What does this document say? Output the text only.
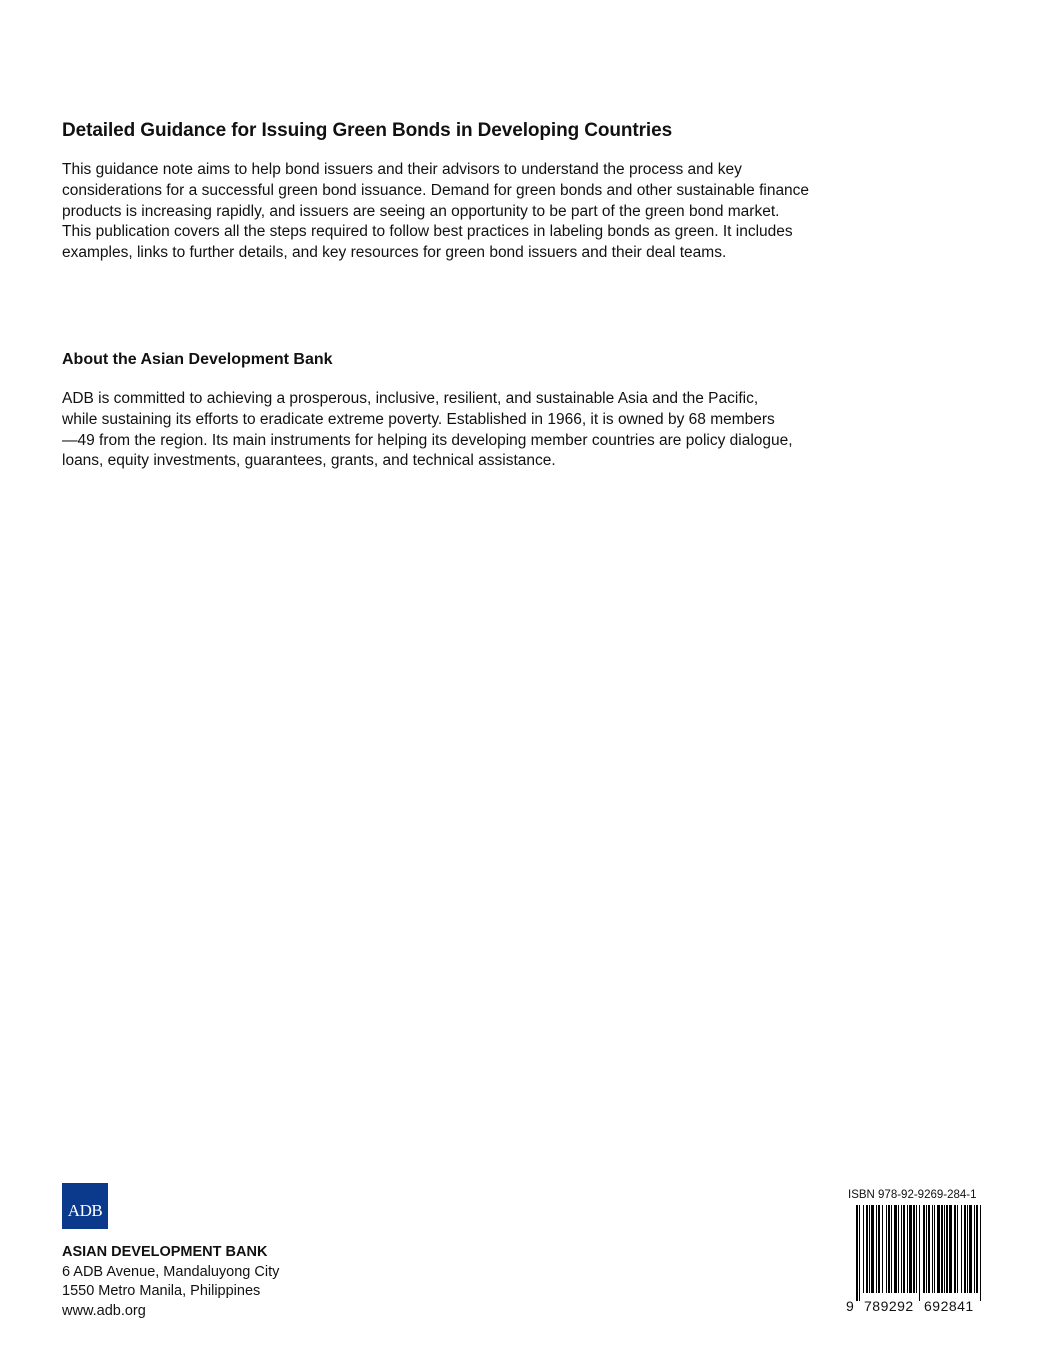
Detailed Guidance for Issuing Green Bonds in Developing Countries

This guidance note aims to help bond issuers and their advisors to understand the process and key
considerations for a successful green bond issuance. Demand for green bonds and other sustainable finance
products is increasing rapidly, and issuers are seeing an opportunity to be part of the green bond market.
This publication covers all the steps required to follow best practices in labeling bonds as green. It includes
examples, links to further details, and key resources for green bond issuers and their deal teams.

About the Asian Development Bank

ADB is committed to achieving a prosperous, inclusive, resilient, and sustainable Asia and the Pacific,
while sustaining its efforts to eradicate extreme poverty. Established in 1966, it is owned by 68 members
—49 from the region. Its main instruments for helping its developing member countries are policy dialogue,
loans, equity investments, guarantees, grants, and technical assistance.

ADB
ASIAN DEVELOPMENT BANK
6 ADB Avenue, Mandaluyong City
1550 Metro Manila, Philippines
www.adb.org
ISBN 978-92-9269-284-1
9 789292 692841
